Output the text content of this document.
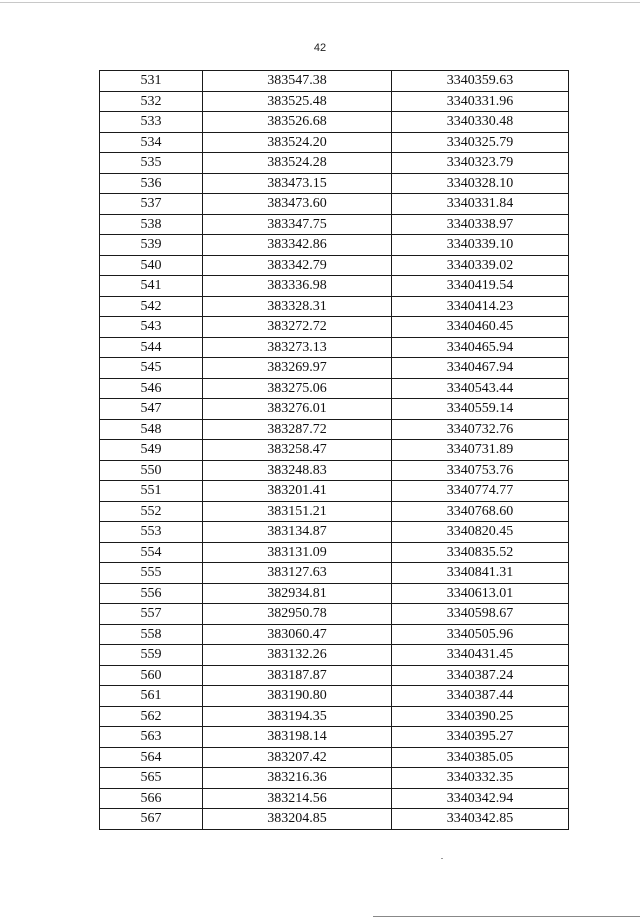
42
531	383547.38	3340359.63
532	383525.48	3340331.96
533	383526.68	3340330.48
534	383524.20	3340325.79
535	383524.28	3340323.79
536	383473.15	3340328.10
537	383473.60	3340331.84
538	383347.75	3340338.97
539	383342.86	3340339.10
540	383342.79	3340339.02
541	383336.98	3340419.54
542	383328.31	3340414.23
543	383272.72	3340460.45
544	383273.13	3340465.94
545	383269.97	3340467.94
546	383275.06	3340543.44
547	383276.01	3340559.14
548	383287.72	3340732.76
549	383258.47	3340731.89
550	383248.83	3340753.76
551	383201.41	3340774.77
552	383151.21	3340768.60
553	383134.87	3340820.45
554	383131.09	3340835.52
555	383127.63	3340841.31
556	382934.81	3340613.01
557	382950.78	3340598.67
558	383060.47	3340505.96
559	383132.26	3340431.45
560	383187.87	3340387.24
561	383190.80	3340387.44
562	383194.35	3340390.25
563	383198.14	3340395.27
564	383207.42	3340385.05
565	383216.36	3340332.35
566	383214.56	3340342.94
567	383204.85	3340342.85
